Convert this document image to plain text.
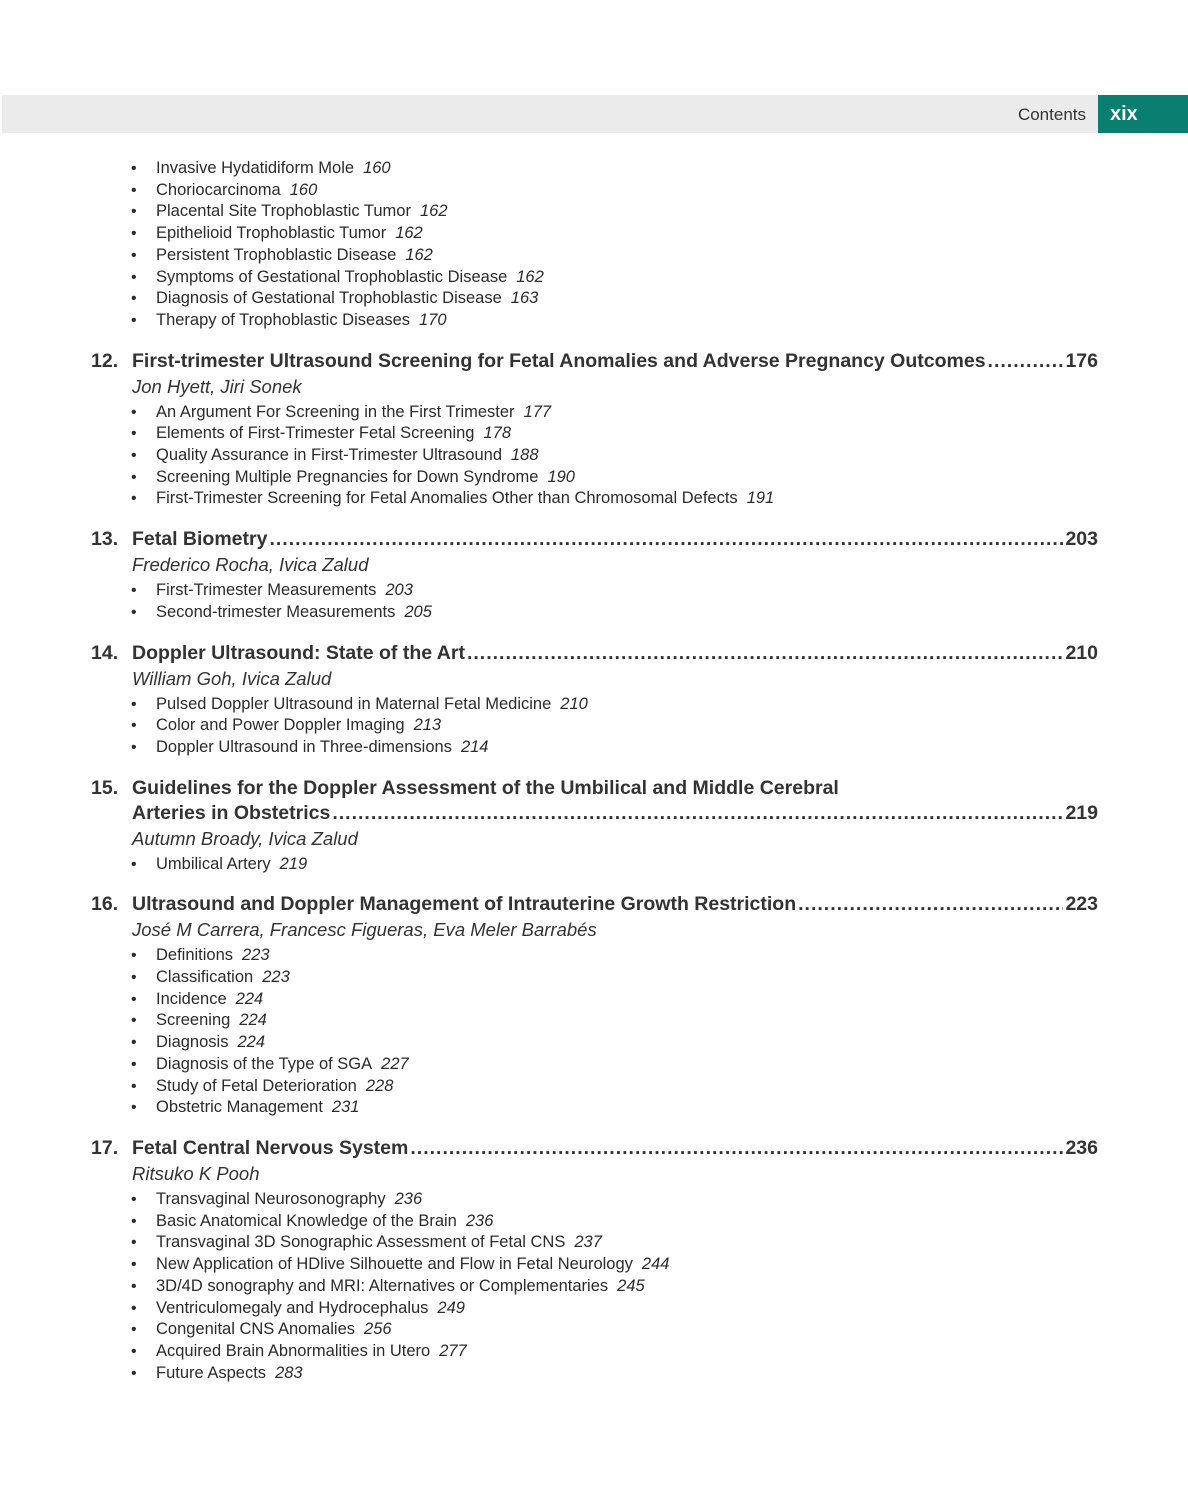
Contents	xix
• Invasive Hydatidiform Mole 160
• Choriocarcinoma 160
• Placental Site Trophoblastic Tumor 162
• Epithelioid Trophoblastic Tumor 162
• Persistent Trophoblastic Disease 162
• Symptoms of Gestational Trophoblastic Disease 162
• Diagnosis of Gestational Trophoblastic Disease 163
• Therapy of Trophoblastic Diseases 170
12. First-trimester Ultrasound Screening for Fetal Anomalies and Adverse Pregnancy Outcomes .....	176
Jon Hyett, Jiri Sonek
• An Argument For Screening in the First Trimester 177
• Elements of First-Trimester Fetal Screening 178
• Quality Assurance in First-Trimester Ultrasound 188
• Screening Multiple Pregnancies for Down Syndrome 190
• First-Trimester Screening for Fetal Anomalies Other than Chromosomal Defects 191
13. Fetal Biometry .....	203
Frederico Rocha, Ivica Zalud
• First-Trimester Measurements 203
• Second-trimester Measurements 205
14. Doppler Ultrasound: State of the Art .....	210
William Goh, Ivica Zalud
• Pulsed Doppler Ultrasound in Maternal Fetal Medicine 210
• Color and Power Doppler Imaging 213
• Doppler Ultrasound in Three-dimensions 214
15. Guidelines for the Doppler Assessment of the Umbilical and Middle Cerebral
Arteries in Obstetrics .....	219
Autumn Broady, Ivica Zalud
• Umbilical Artery 219
16. Ultrasound and Doppler Management of Intrauterine Growth Restriction .....	223
José M Carrera, Francesc Figueras, Eva Meler Barrabés
• Definitions 223
• Classification 223
• Incidence 224
• Screening 224
• Diagnosis 224
• Diagnosis of the Type of SGA 227
• Study of Fetal Deterioration 228
• Obstetric Management 231
17. Fetal Central Nervous System .....	236
Ritsuko K Pooh
• Transvaginal Neurosonography 236
• Basic Anatomical Knowledge of the Brain 236
• Transvaginal 3D Sonographic Assessment of Fetal CNS 237
• New Application of HDlive Silhouette and Flow in Fetal Neurology 244
• 3D/4D sonography and MRI: Alternatives or Complementaries 245
• Ventriculomegaly and Hydrocephalus 249
• Congenital CNS Anomalies 256
• Acquired Brain Abnormalities in Utero 277
• Future Aspects 283
